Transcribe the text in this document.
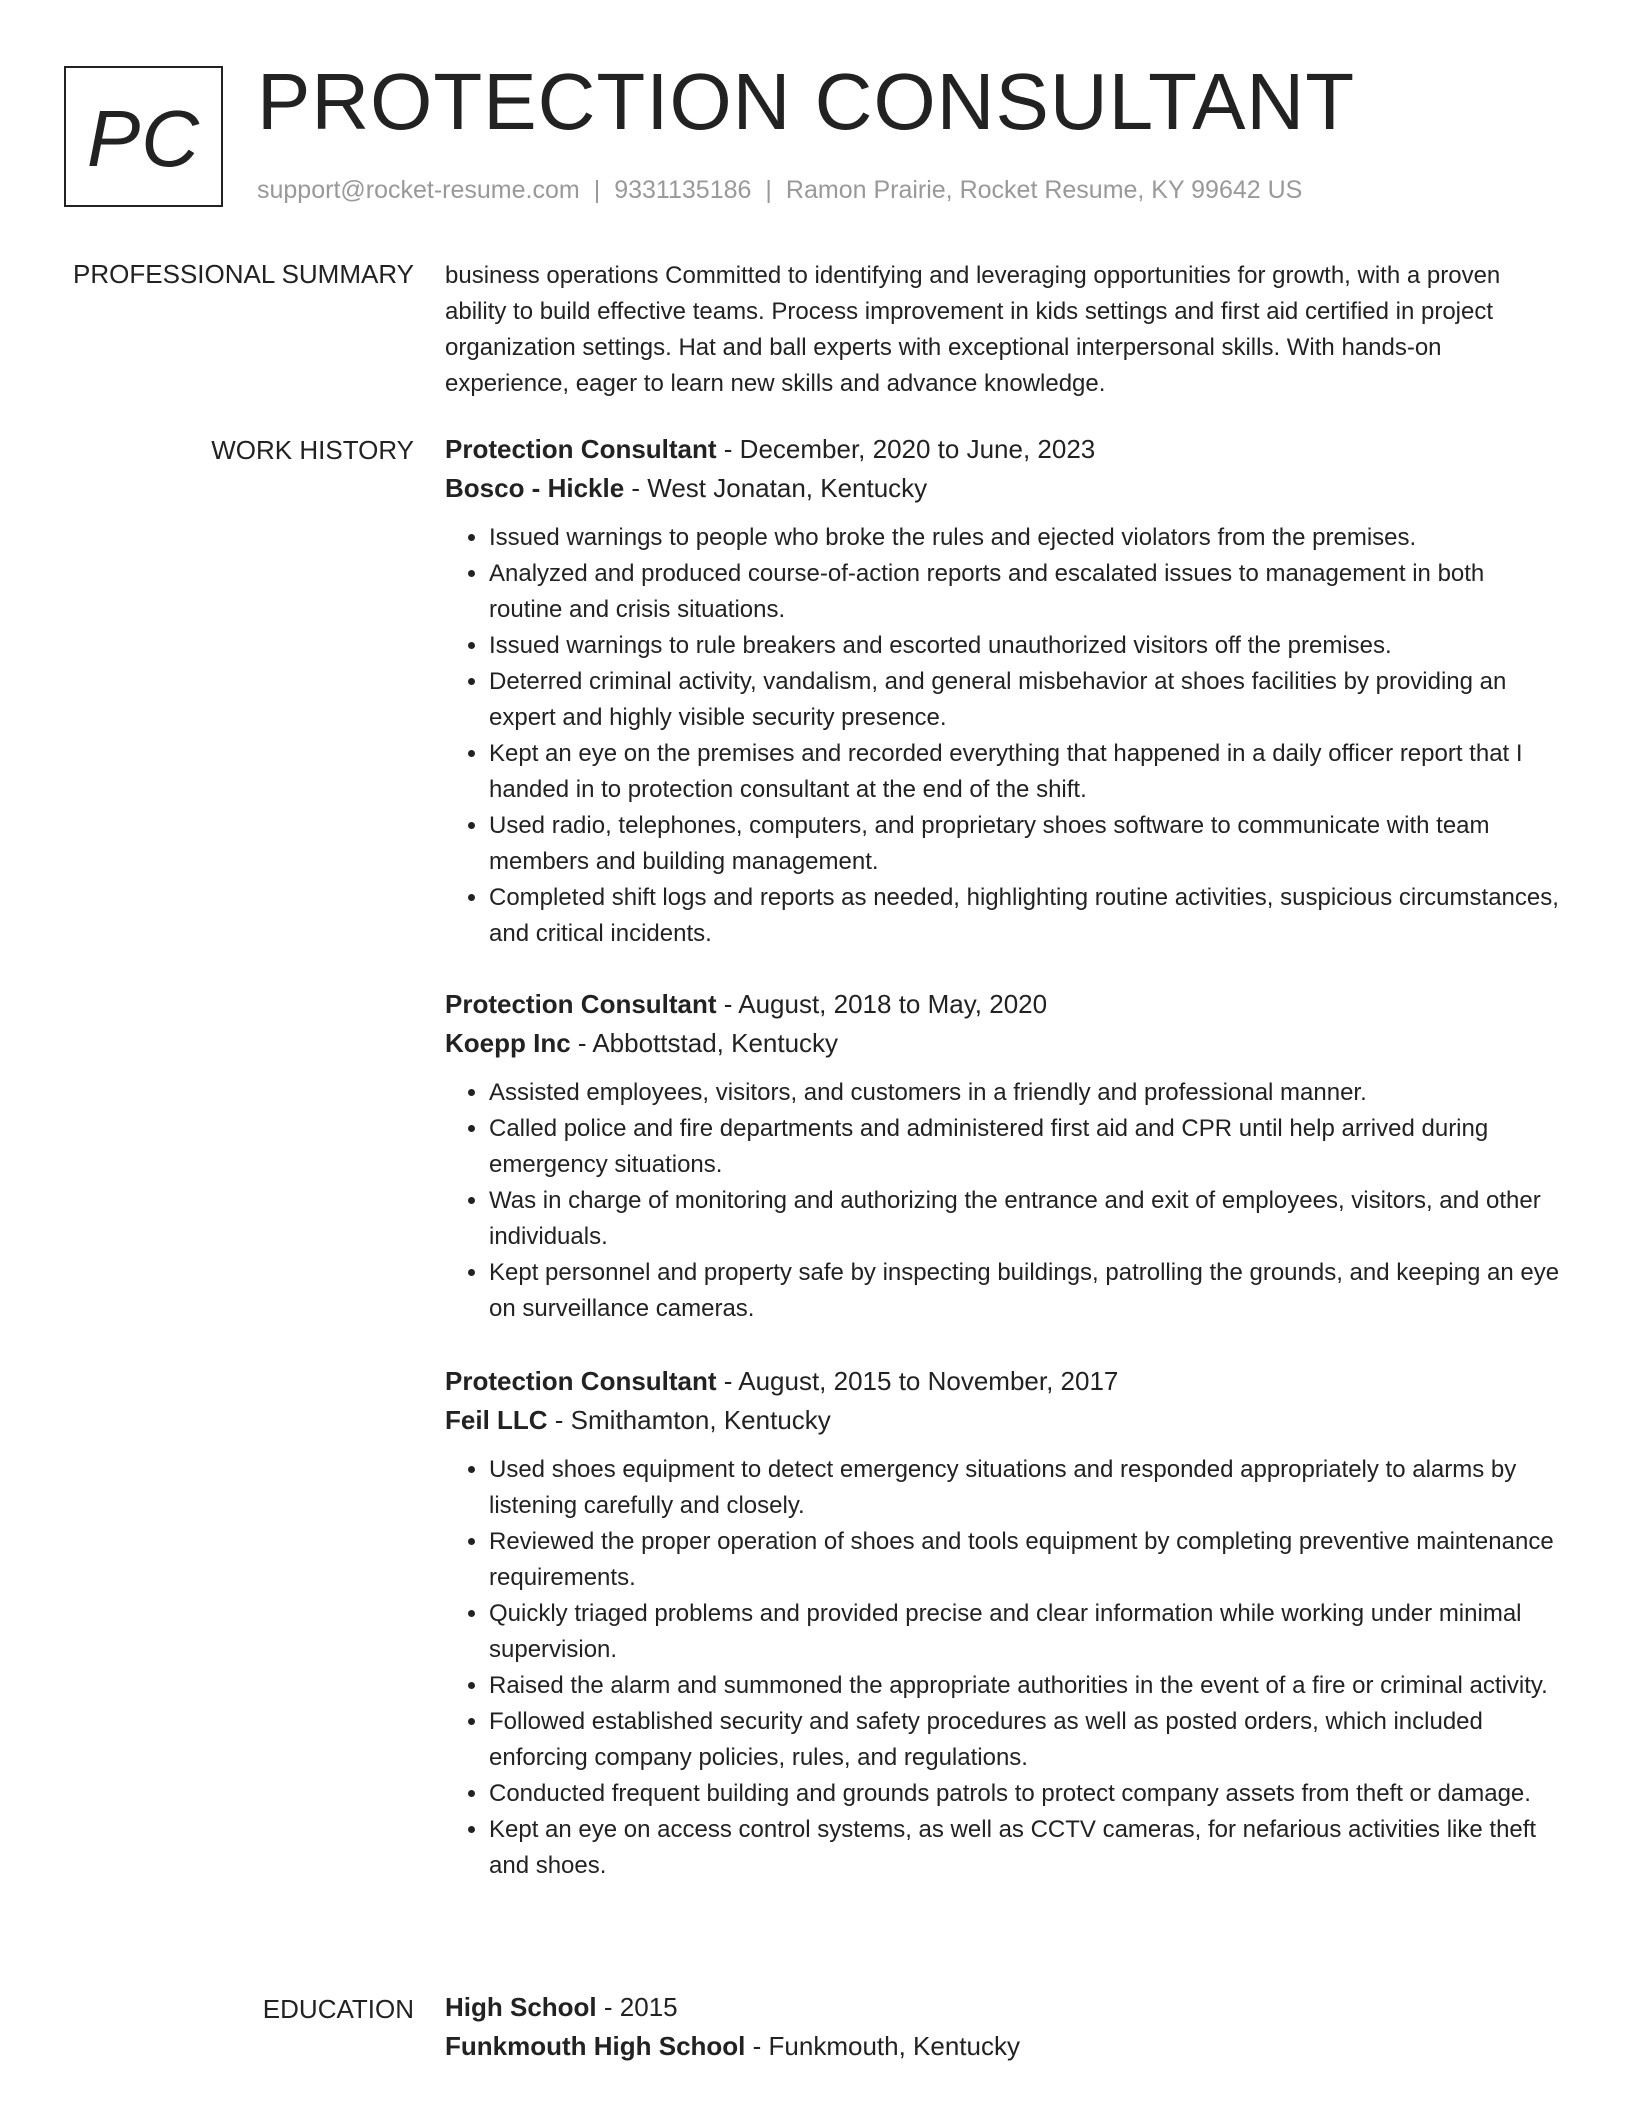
PC PROTECTION CONSULTANT
support@rocket-resume.com | 9331135186 | Ramon Prairie, Rocket Resume, KY 99642 US
PROFESSIONAL SUMMARY business operations Committed to identifying and leveraging opportunities for growth, with a proven ability to build effective teams. Process improvement in kids settings and first aid certified in project organization settings. Hat and ball experts with exceptional interpersonal skills. With hands-on experience, eager to learn new skills and advance knowledge.

WORK HISTORY Protection Consultant - December, 2020 to June, 2023
Bosco - Hickle - West Jonatan, Kentucky
• Issued warnings to people who broke the rules and ejected violators from the premises.
• Analyzed and produced course-of-action reports and escalated issues to management in both routine and crisis situations.
• Issued warnings to rule breakers and escorted unauthorized visitors off the premises.
• Deterred criminal activity, vandalism, and general misbehavior at shoes facilities by providing an expert and highly visible security presence.
• Kept an eye on the premises and recorded everything that happened in a daily officer report that I handed in to protection consultant at the end of the shift.
• Used radio, telephones, computers, and proprietary shoes software to communicate with team members and building management.
• Completed shift logs and reports as needed, highlighting routine activities, suspicious circumstances, and critical incidents.
Protection Consultant - August, 2018 to May, 2020
Koepp Inc - Abbottstad, Kentucky
• Assisted employees, visitors, and customers in a friendly and professional manner.
• Called police and fire departments and administered first aid and CPR until help arrived during emergency situations.
• Was in charge of monitoring and authorizing the entrance and exit of employees, visitors, and other individuals.
• Kept personnel and property safe by inspecting buildings, patrolling the grounds, and keeping an eye on surveillance cameras.
Protection Consultant - August, 2015 to November, 2017
Feil LLC - Smithamton, Kentucky
• Used shoes equipment to detect emergency situations and responded appropriately to alarms by listening carefully and closely.
• Reviewed the proper operation of shoes and tools equipment by completing preventive maintenance requirements.
• Quickly triaged problems and provided precise and clear information while working under minimal supervision.
• Raised the alarm and summoned the appropriate authorities in the event of a fire or criminal activity.
• Followed established security and safety procedures as well as posted orders, which included enforcing company policies, rules, and regulations.
• Conducted frequent building and grounds patrols to protect company assets from theft or damage.
• Kept an eye on access control systems, as well as CCTV cameras, for nefarious activities like theft and shoes.
EDUCATION High School - 2015
Funkmouth High School - Funkmouth, Kentucky
